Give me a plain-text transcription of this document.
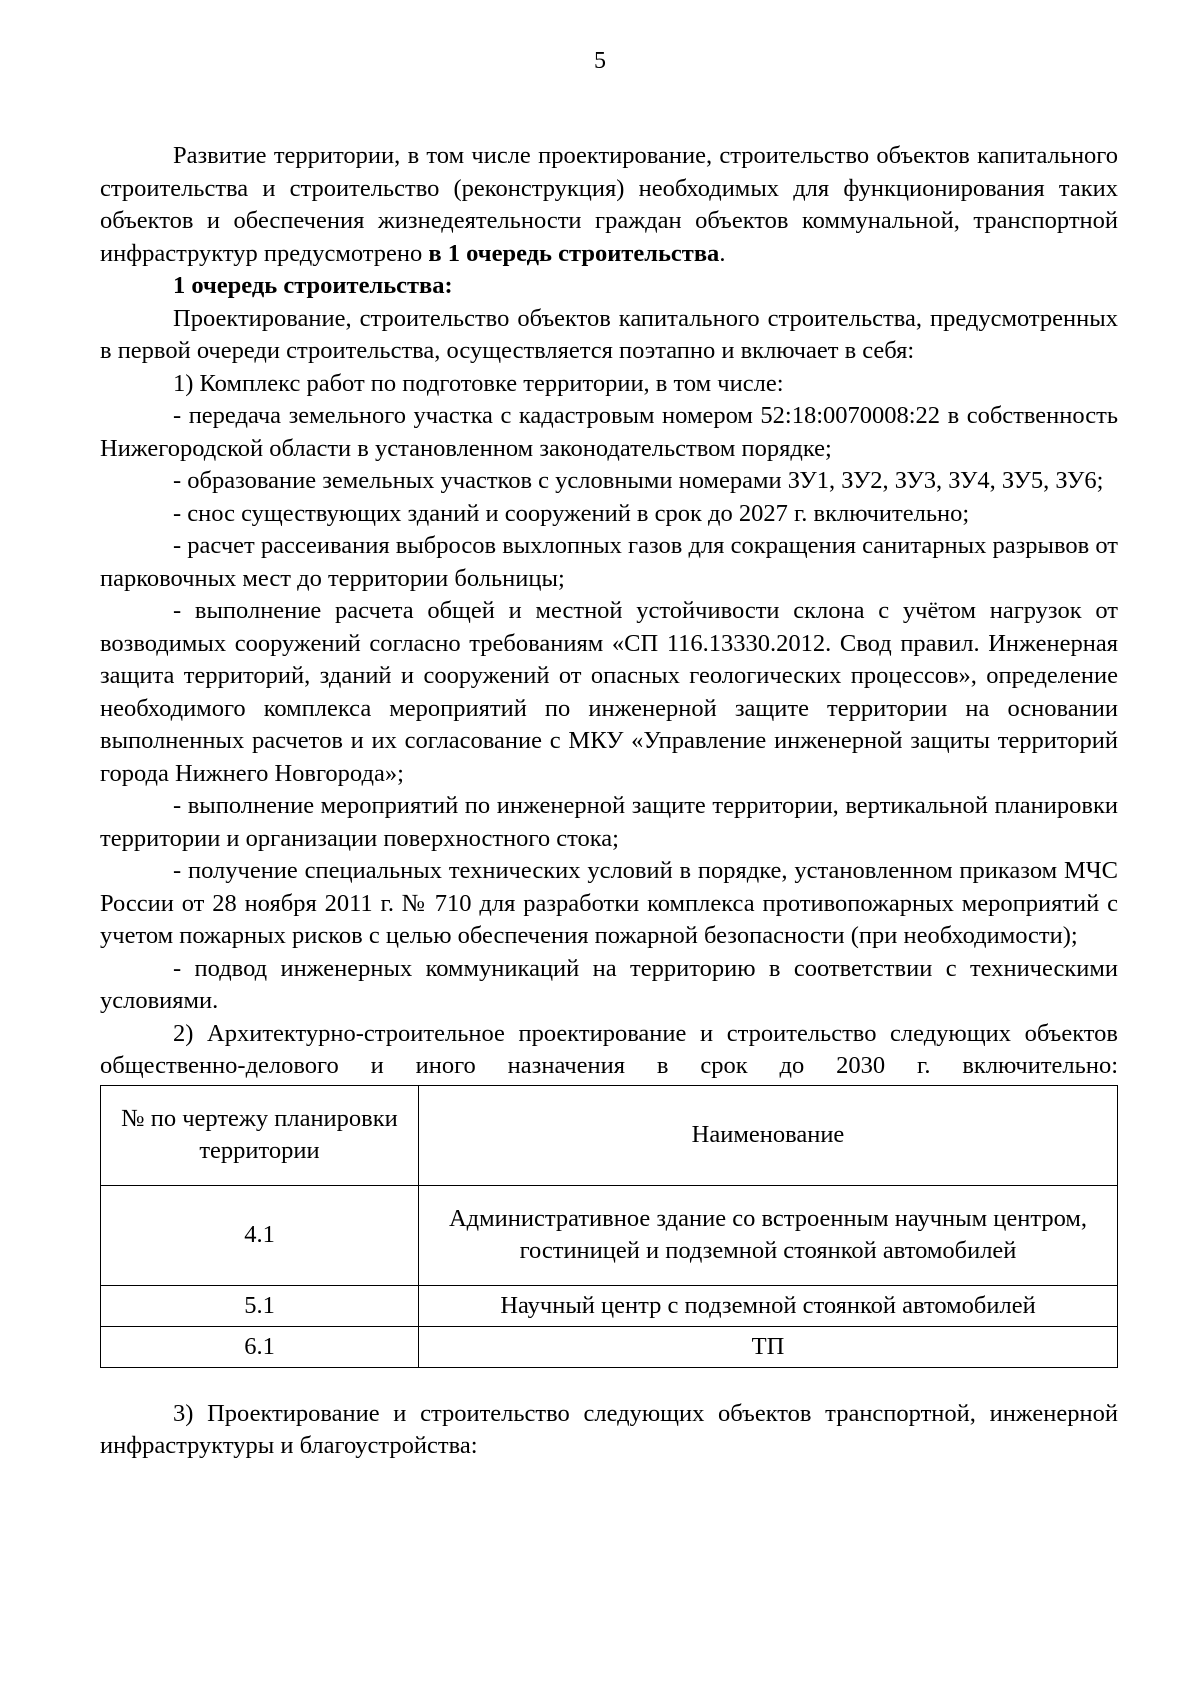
5

Развитие территории, в том числе проектирование, строительство объектов капитального строительства и строительство (реконструкция) необходимых для функционирования таких объектов и обеспечения жизнедеятельности граждан объектов коммунальной, транспортной инфраструктур предусмотрено в 1 очередь строительства.

1 очередь строительства:

Проектирование, строительство объектов капитального строительства, предусмотренных в первой очереди строительства, осуществляется поэтапно и включает в себя:

1) Комплекс работ по подготовке территории, в том числе:

- передача земельного участка с кадастровым номером 52:18:0070008:22 в собственность Нижегородской области в установленном законодательством порядке;

- образование земельных участков с условными номерами ЗУ1, ЗУ2, ЗУ3, ЗУ4, ЗУ5, ЗУ6;

- снос существующих зданий и сооружений в срок до 2027 г. включительно;

- расчет рассеивания выбросов выхлопных газов для сокращения санитарных разрывов от парковочных мест до территории больницы;

- выполнение расчета общей и местной устойчивости склона с учётом нагрузок от возводимых сооружений согласно требованиям «СП 116.13330.2012. Свод правил. Инженерная защита территорий, зданий и сооружений от опасных геологических процессов», определение необходимого комплекса мероприятий по инженерной защите территории на основании выполненных расчетов и их согласование с МКУ «Управление инженерной защиты территорий города Нижнего Новгорода»;

- выполнение мероприятий по инженерной защите территории, вертикальной планировки территории и организации поверхностного стока;

- получение специальных технических условий в порядке, установленном приказом МЧС России от 28 ноября 2011 г. № 710 для разработки комплекса противопожарных мероприятий с учетом пожарных рисков с целью обеспечения пожарной безопасности (при необходимости);

- подвод инженерных коммуникаций на территорию в соответствии с техническими условиями.

2) Архитектурно-строительное проектирование и строительство следующих объектов общественно-делового и иного назначения в срок до 2030 г. включительно:

№ по чертежу планировки территории	Наименование
4.1	Административное здание со встроенным научным центром, гостиницей и подземной стоянкой автомобилей
5.1	Научный центр с подземной стоянкой автомобилей
6.1	ТП

3) Проектирование и строительство следующих объектов транспортной, инженерной инфраструктуры и благоустройства:
